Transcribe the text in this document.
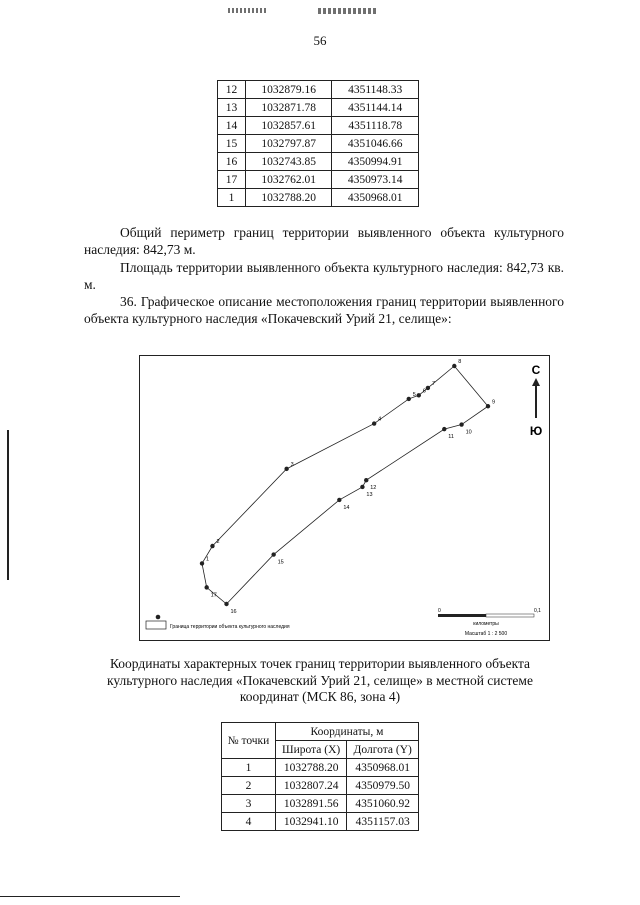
56
12	1032879.16	4351148.33
13	1032871.78	4351144.14
14	1032857.61	4351118.78
15	1032797.87	4351046.66
16	1032743.85	4350994.91
17	1032762.01	4350973.14
1	1032788.20	4350968.01
Общий периметр границ территории выявленного объекта культурного наследия: 842,73 м.
Площадь территории выявленного объекта культурного наследия: 842,73 кв. м.
36. Графическое описание местоположения границ территории выявленного объекта культурного наследия «Покачевский Урий 21, селище»:
1
2
3
4
5
6
7
8
9
10
11
12
13
14
15
16
17
С
Ю
Граница территории объекта культурного наследия
0	0,1
километры
Масштаб 1 : 2 500
Координаты характерных точек границ территории выявленного объекта культурного наследия «Покачевский Урий 21, селище» в местной системе координат (МСК 86, зона 4)
№ точки	Координаты, м	
	Широта (X)	Долгота (Y)
1	1032788.20	4350968.01
2	1032807.24	4350979.50
3	1032891.56	4351060.92
4	1032941.10	4351157.03
